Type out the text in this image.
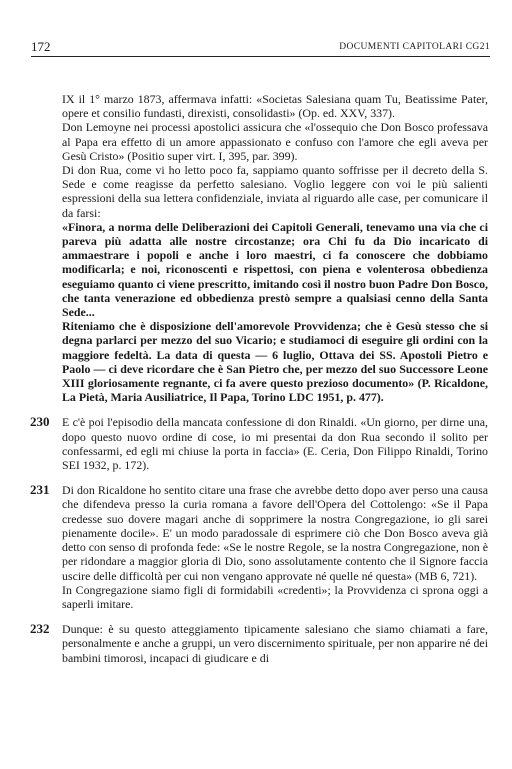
172	DOCUMENTI CAPITOLARI CG21

IX il 1° marzo 1873, affermava infatti: «Societas Salesiana quam Tu, Beatissime Pater, opere et consilio fundasti, direxisti, consolidasti» (Op. ed. XXV, 337).

Don Lemoyne nei processi apostolici assicura che «l'ossequio che Don Bosco professava al Papa era effetto di un amore appassionato e confuso con l'amore che egli aveva per Gesù Cristo» (Positio super virt. I, 395, par. 399).

Di don Rua, come vi ho letto poco fa, sappiamo quanto soffrisse per il decreto della S. Sede e come reagisse da perfetto salesiano. Voglio leggere con voi le più salienti espressioni della sua lettera confidenziale, inviata al riguardo alle case, per comunicare il da farsi:

«Finora, a norma delle Deliberazioni dei Capitoli Generali, tenevamo una via che ci pareva più adatta alle nostre circostanze; ora Chi fu da Dio incaricato di ammaestrare i popoli e anche i loro maestri, ci fa conoscere che dobbiamo modificarla; e noi, riconoscenti e rispettosi, con piena e volenterosa obbedienza eseguiamo quanto ci viene prescritto, imitando così il nostro buon Padre Don Bosco, che tanta venerazione ed obbedienza prestò sempre a qualsiasi cenno della Santa Sede...

Riteniamo che è disposizione dell'amorevole Provvidenza; che è Gesù stesso che si degna parlarci per mezzo del suo Vicario; e studiamoci di eseguire gli ordini con la maggiore fedeltà. La data di questa — 6 luglio, Ottava dei SS. Apostoli Pietro e Paolo — ci deve ricordare che è San Pietro che, per mezzo del suo Successore Leone XIII gloriosamente regnante, ci fa avere questo prezioso documento» (P. Ricaldone, La Pietà, Maria Ausiliatrice, Il Papa, Torino LDC 1951, p. 477).

230 E c'è poi l'episodio della mancata confessione di don Rinaldi. «Un giorno, per dirne una, dopo questo nuovo ordine di cose, io mi presentai da don Rua secondo il solito per confessarmi, ed egli mi chiuse la porta in faccia» (E. Ceria, Don Filippo Rinaldi, Torino SEI 1932, p. 172).

231 Di don Ricaldone ho sentito citare una frase che avrebbe detto dopo aver perso una causa che difendeva presso la curia romana a favore dell'Opera del Cottolengo: «Se il Papa credesse suo dovere magari anche di sopprimere la nostra Congregazione, io gli sarei pienamente docile». E' un modo paradossale di esprimere ciò che Don Bosco aveva già detto con senso di profonda fede: «Se le nostre Regole, se la nostra Congregazione, non è per ridondare a maggior gloria di Dio, sono assolutamente contento che il Signore faccia uscire delle difficoltà per cui non vengano approvate né quelle né questa» (MB 6, 721).

In Congregazione siamo figli di formidabili «credenti»; la Provvidenza ci sprona oggi a saperli imitare.

232 Dunque: è su questo atteggiamento tipicamente salesiano che siamo chiamati a fare, personalmente e anche a gruppi, un vero discernimento spirituale, per non apparire né dei bambini timorosi, incapaci di giudicare e di
